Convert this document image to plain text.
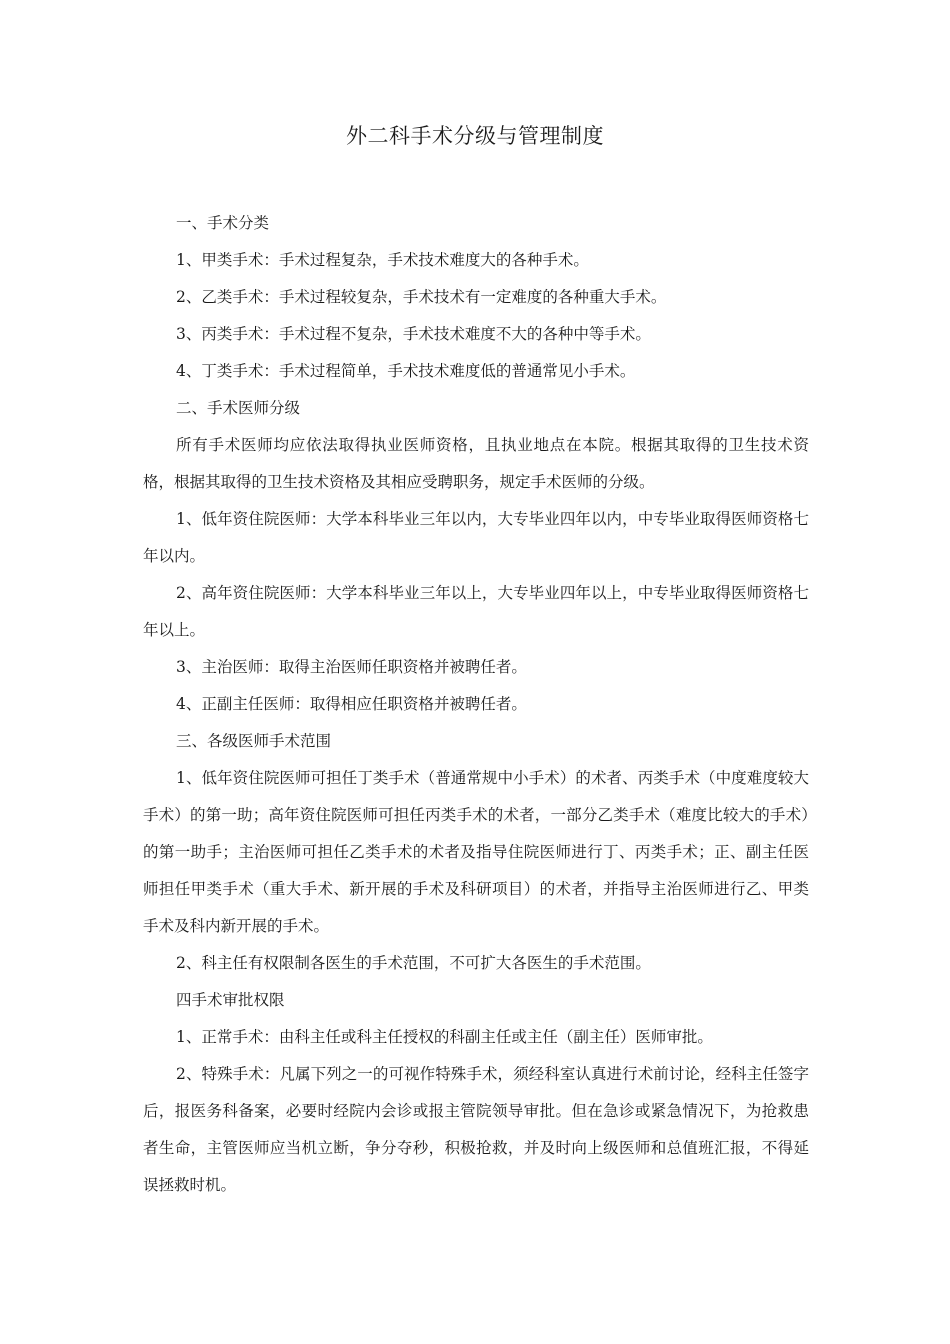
外二科手术分级与管理制度

一、手术分类

1、甲类手术：手术过程复杂，手术技术难度大的各种手术。

2、乙类手术：手术过程较复杂，手术技术有一定难度的各种重大手术。

3、丙类手术：手术过程不复杂，手术技术难度不大的各种中等手术。

4、丁类手术：手术过程简单，手术技术难度低的普通常见小手术。

二、手术医师分级

所有手术医师均应依法取得执业医师资格，且执业地点在本院。根据其取得的卫生技术资格，根据其取得的卫生技术资格及其相应受聘职务，规定手术医师的分级。

1、低年资住院医师：大学本科毕业三年以内，大专毕业四年以内，中专毕业取得医师资格七年以内。

2、高年资住院医师：大学本科毕业三年以上，大专毕业四年以上，中专毕业取得医师资格七年以上。

3、主治医师：取得主治医师任职资格并被聘任者。

4、正副主任医师：取得相应任职资格并被聘任者。

三、各级医师手术范围

1、低年资住院医师可担任丁类手术（普通常规中小手术）的术者、丙类手术（中度难度较大手术）的第一助；高年资住院医师可担任丙类手术的术者，一部分乙类手术（难度比较大的手术）的第一助手；主治医师可担任乙类手术的术者及指导住院医师进行丁、丙类手术；正、副主任医师担任甲类手术（重大手术、新开展的手术及科研项目）的术者，并指导主治医师进行乙、甲类手术及科内新开展的手术。

2、科主任有权限制各医生的手术范围，不可扩大各医生的手术范围。

四手术审批权限

1、正常手术：由科主任或科主任授权的科副主任或主任（副主任）医师审批。

2、特殊手术：凡属下列之一的可视作特殊手术，须经科室认真进行术前讨论，经科主任签字后，报医务科备案，必要时经院内会诊或报主管院领导审批。但在急诊或紧急情况下，为抢救患者生命，主管医师应当机立断，争分夺秒，积极抢救，并及时向上级医师和总值班汇报，不得延误拯救时机。
